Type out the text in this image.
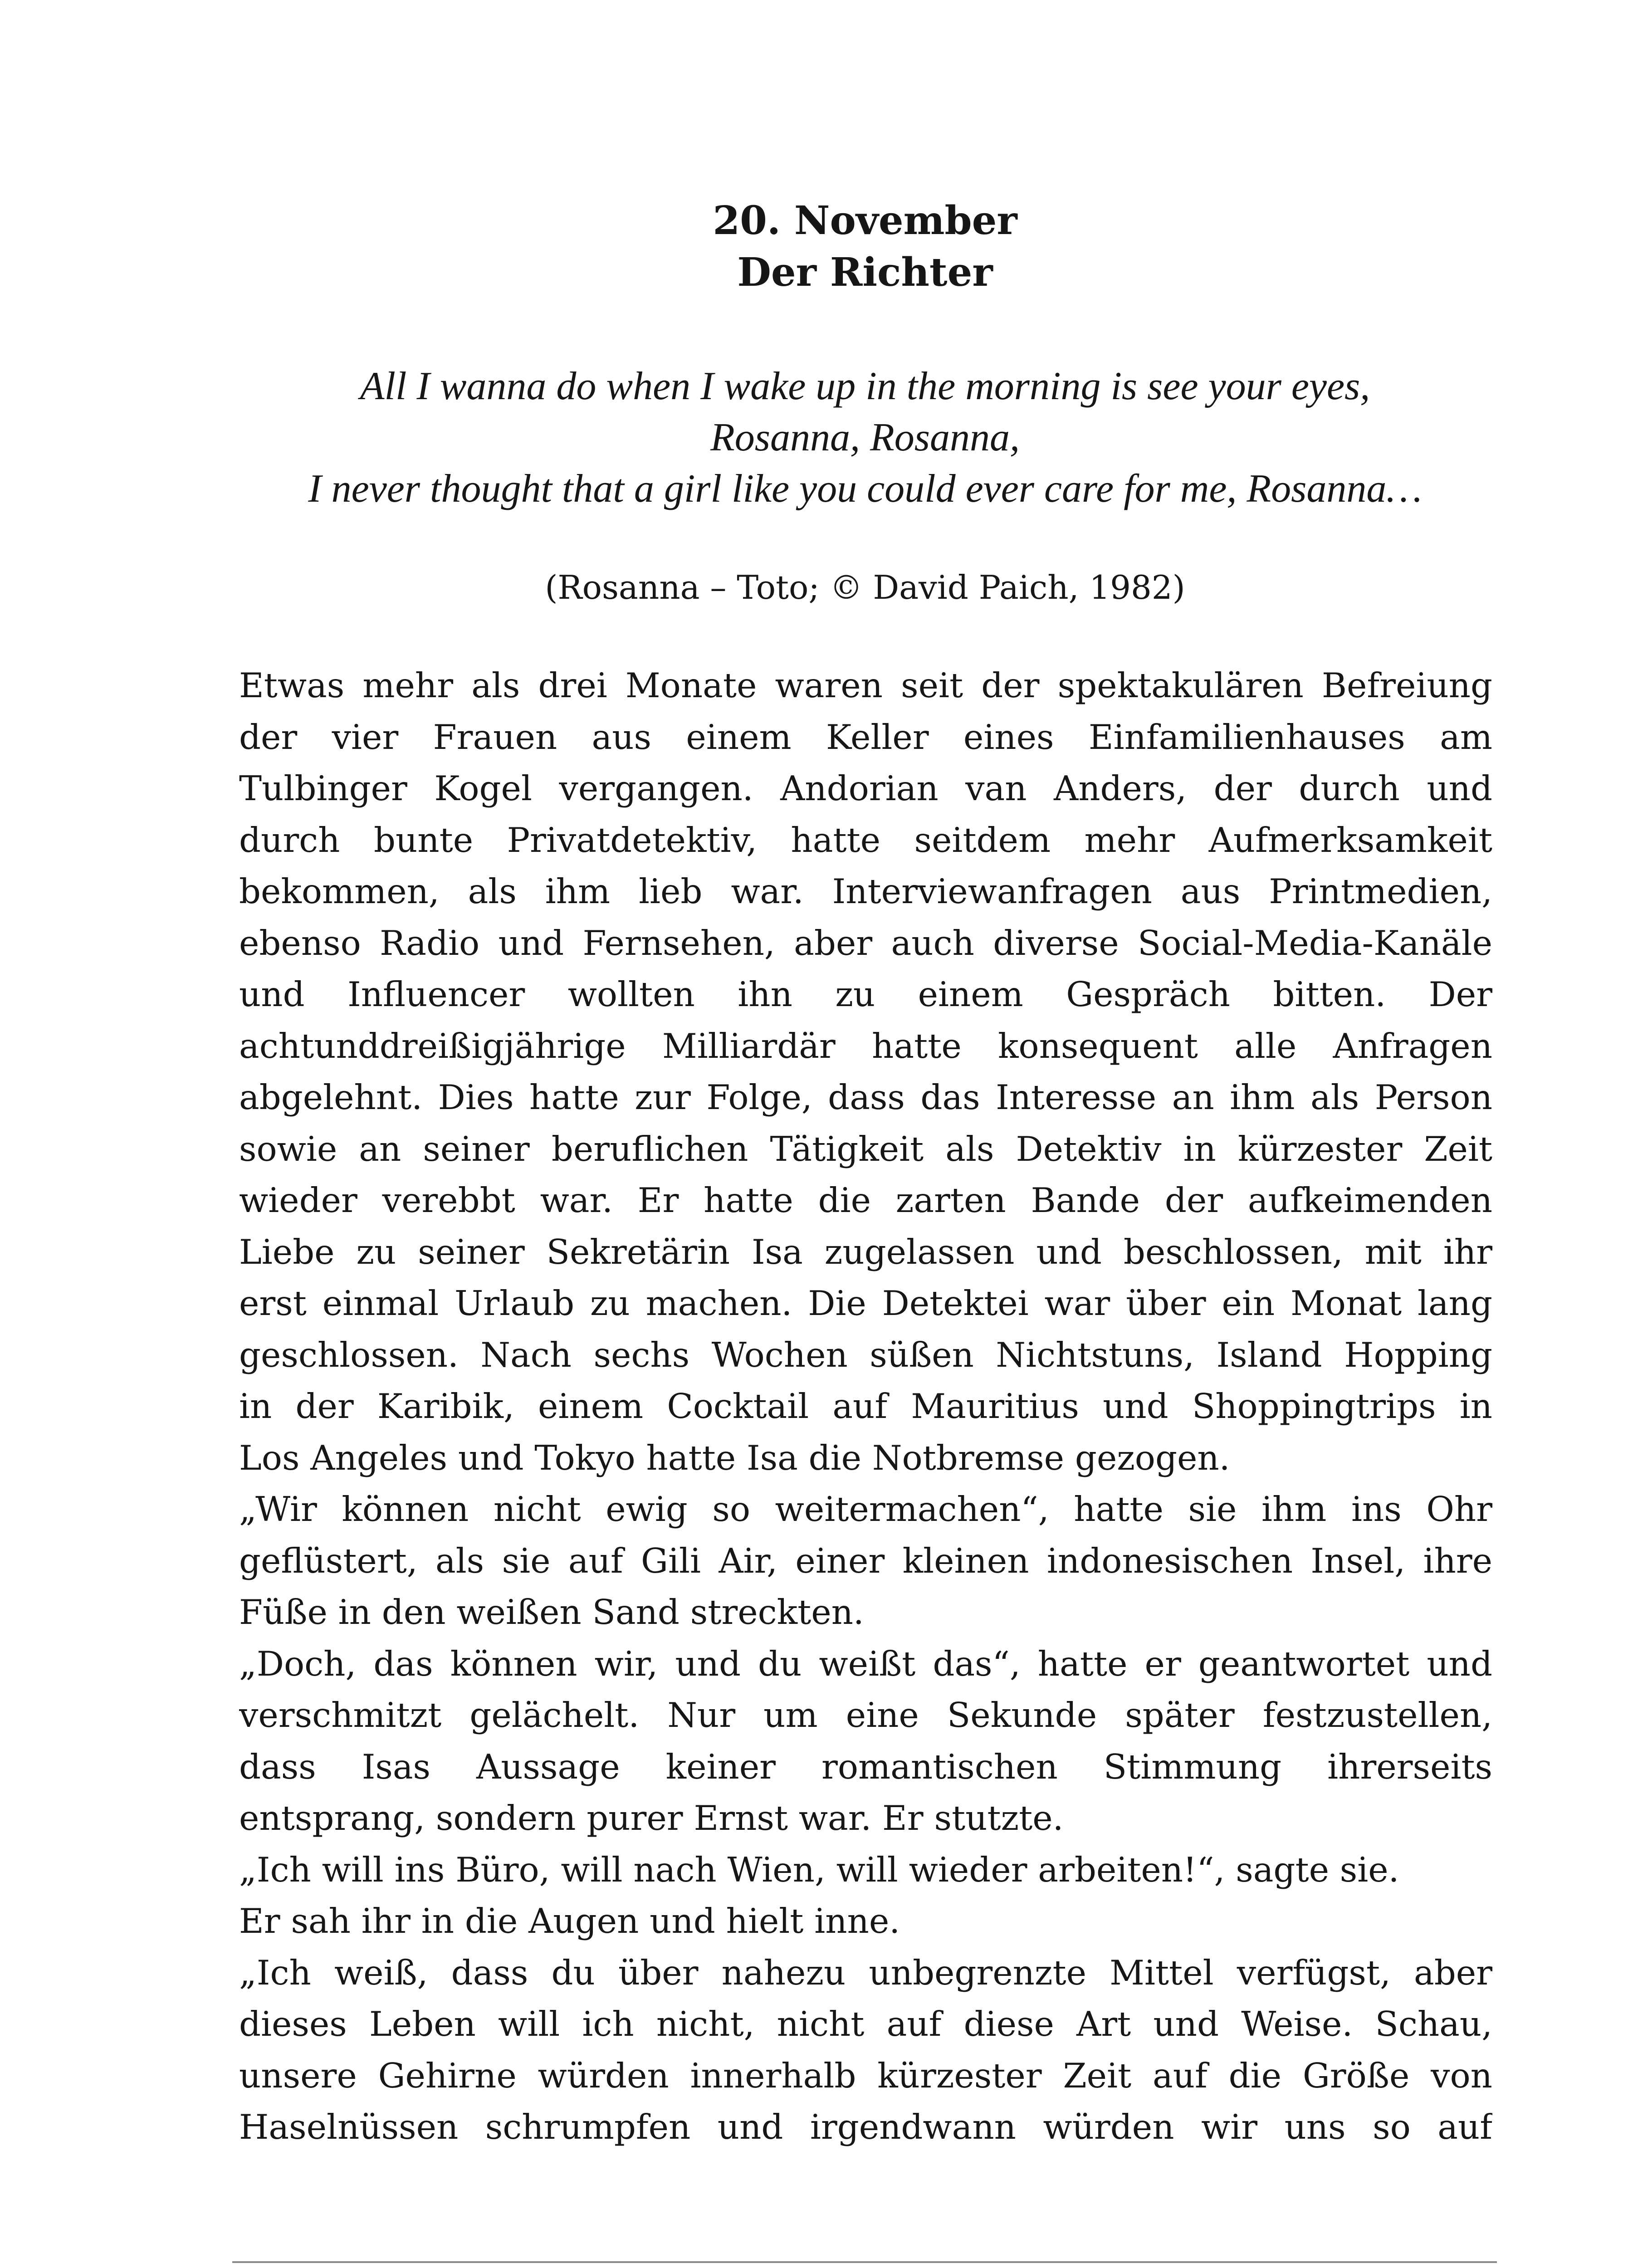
20. November
Der Richter
All I wanna do when I wake up in the morning is see your eyes,
Rosanna, Rosanna,
I never thought that a girl like you could ever care for me, Rosanna…

(Rosanna – Toto; © David Paich, 1982)

Etwas mehr als drei Monate waren seit der spektakulären Befreiung
der vier Frauen aus einem Keller eines Einfamilienhauses am
Tulbinger Kogel vergangen. Andorian van Anders, der durch und
durch bunte Privatdetektiv, hatte seitdem mehr Aufmerksamkeit
bekommen, als ihm lieb war. Interviewanfragen aus Printmedien,
ebenso Radio und Fernsehen, aber auch diverse Social-Media-Kanäle
und Influencer wollten ihn zu einem Gespräch bitten. Der
achtunddreißigjährige Milliardär hatte konsequent alle Anfragen
abgelehnt. Dies hatte zur Folge, dass das Interesse an ihm als Person
sowie an seiner beruflichen Tätigkeit als Detektiv in kürzester Zeit
wieder verebbt war. Er hatte die zarten Bande der aufkeimenden
Liebe zu seiner Sekretärin Isa zugelassen und beschlossen, mit ihr
erst einmal Urlaub zu machen. Die Detektei war über ein Monat lang
geschlossen. Nach sechs Wochen süßen Nichtstuns, Island Hopping
in der Karibik, einem Cocktail auf Mauritius und Shoppingtrips in
Los Angeles und Tokyo hatte Isa die Notbremse gezogen.
„Wir können nicht ewig so weitermachen“, hatte sie ihm ins Ohr
geflüstert, als sie auf Gili Air, einer kleinen indonesischen Insel, ihre
Füße in den weißen Sand streckten.
„Doch, das können wir, und du weißt das“, hatte er geantwortet und
verschmitzt gelächelt. Nur um eine Sekunde später festzustellen,
dass Isas Aussage keiner romantischen Stimmung ihrerseits
entsprang, sondern purer Ernst war. Er stutzte.
„Ich will ins Büro, will nach Wien, will wieder arbeiten!“, sagte sie.
Er sah ihr in die Augen und hielt inne.
„Ich weiß, dass du über nahezu unbegrenzte Mittel verfügst, aber
dieses Leben will ich nicht, nicht auf diese Art und Weise. Schau,
unsere Gehirne würden innerhalb kürzester Zeit auf die Größe von
Haselnüssen schrumpfen und irgendwann würden wir uns so auf
